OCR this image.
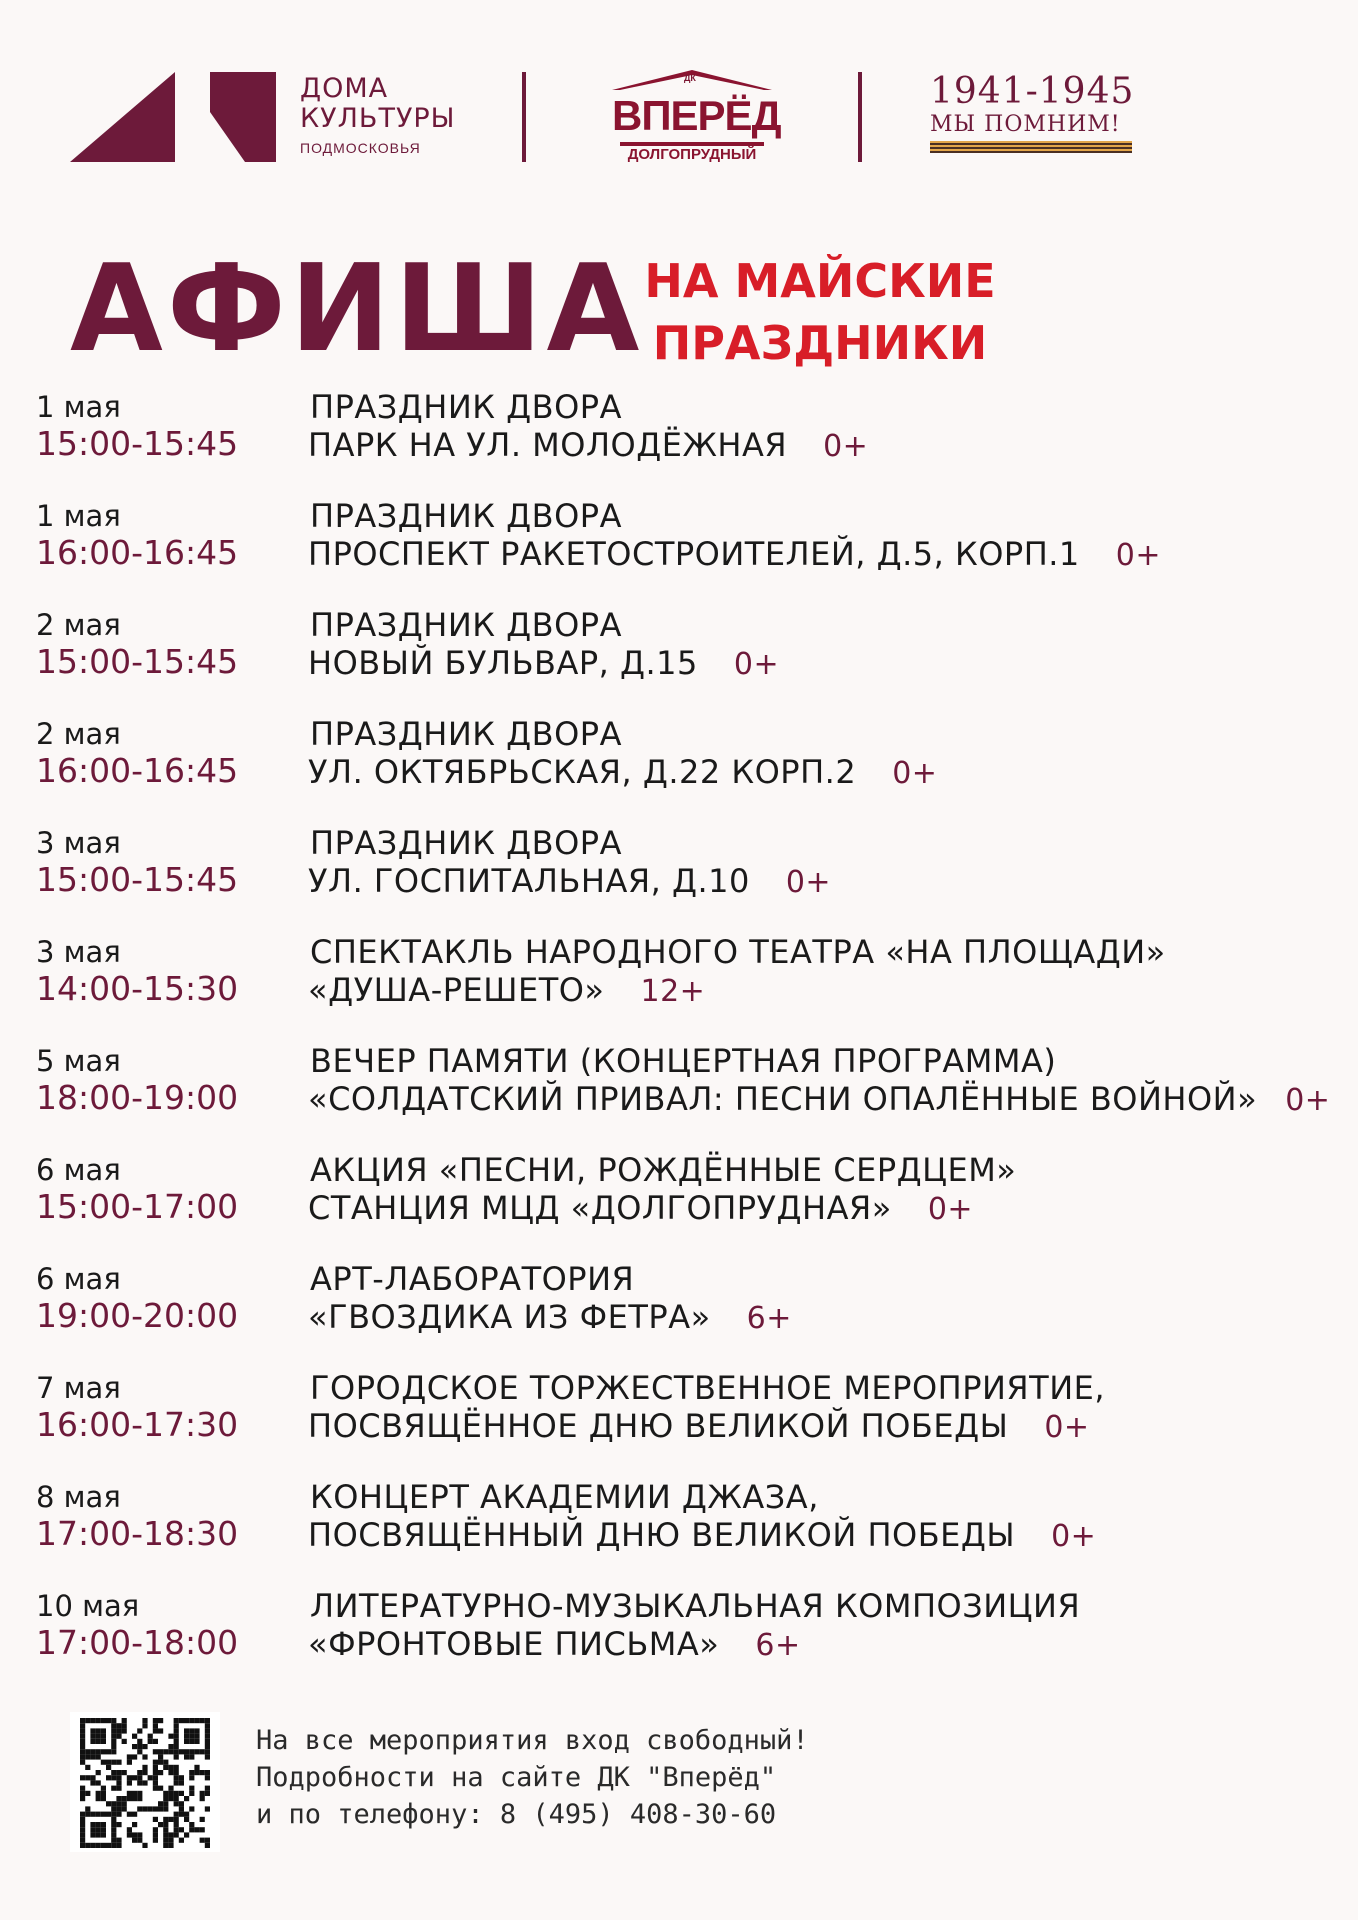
ДОМА
КУЛЬТУРЫ
ПОДМОСКОВЬЯ
ДК
ВПЕРЁД
ДОЛГОПРУДНЫЙ
1941-1945
МЫ ПОМНИМ!
АФИША НА МАЙСКИЕ
ПРАЗДНИКИ
1 мая
15:00-15:45
ПРАЗДНИК ДВОРА
ПАРК НА УЛ. МОЛОДЁЖНАЯ 0+
1 мая
16:00-16:45
ПРАЗДНИК ДВОРА
ПРОСПЕКТ РАКЕТОСТРОИТЕЛЕЙ, Д.5, КОРП.1 0+
2 мая
15:00-15:45
ПРАЗДНИК ДВОРА
НОВЫЙ БУЛЬВАР, Д.15 0+
2 мая
16:00-16:45
ПРАЗДНИК ДВОРА
УЛ. ОКТЯБРЬСКАЯ, Д.22 КОРП.2 0+
3 мая
15:00-15:45
ПРАЗДНИК ДВОРА
УЛ. ГОСПИТАЛЬНАЯ, Д.10 0+
3 мая
14:00-15:30
СПЕКТАКЛЬ НАРОДНОГО ТЕАТРА «НА ПЛОЩАДИ»
«ДУША-РЕШЕТО» 12+
5 мая
18:00-19:00
ВЕЧЕР ПАМЯТИ (КОНЦЕРТНАЯ ПРОГРАММА)
«СОЛДАТСКИЙ ПРИВАЛ: ПЕСНИ ОПАЛЁННЫЕ ВОЙНОЙ» 0+
6 мая
15:00-17:00
АКЦИЯ «ПЕСНИ, РОЖДЁННЫЕ СЕРДЦЕМ»
СТАНЦИЯ МЦД «ДОЛГОПРУДНАЯ» 0+
6 мая
19:00-20:00
АРТ-ЛАБОРАТОРИЯ
«ГВОЗДИКА ИЗ ФЕТРА» 6+
7 мая
16:00-17:30
ГОРОДСКОЕ ТОРЖЕСТВЕННОЕ МЕРОПРИЯТИЕ,
ПОСВЯЩЁННОЕ ДНЮ ВЕЛИКОЙ ПОБЕДЫ 0+
8 мая
17:00-18:30
КОНЦЕРТ АКАДЕМИИ ДЖАЗА,
ПОСВЯЩЁННЫЙ ДНЮ ВЕЛИКОЙ ПОБЕДЫ 0+
10 мая
17:00-18:00
ЛИТЕРАТУРНО-МУЗЫКАЛЬНАЯ КОМПОЗИЦИЯ
«ФРОНТОВЫЕ ПИСЬМА» 6+
На все мероприятия вход свободный!
Подробности на сайте ДК "Вперёд"
и по телефону: 8 (495) 408-30-60
